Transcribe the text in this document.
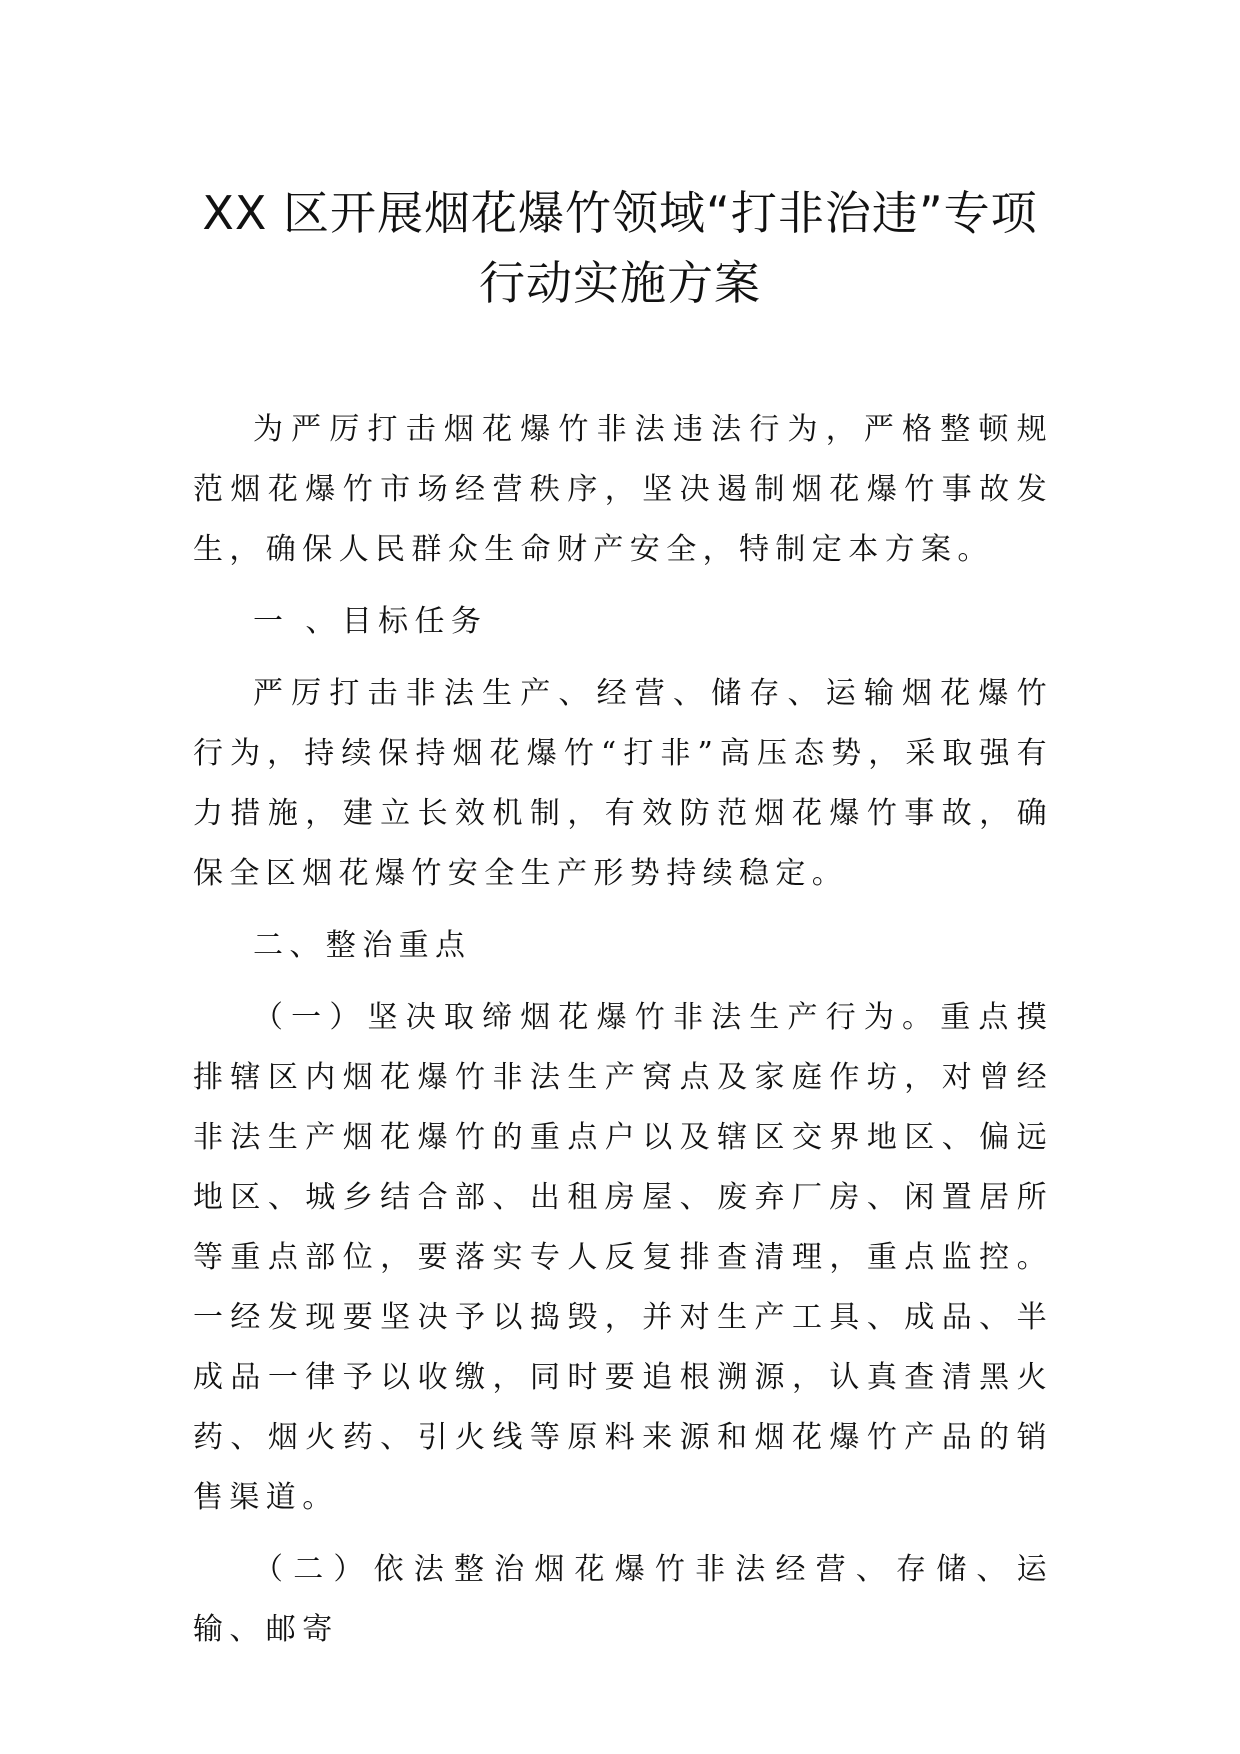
XX 区开展烟花爆竹领域“打非治违”专项
行动实施方案

为严厉打击烟花爆竹非法违法行为，严格整顿规范烟花爆竹市场经营秩序，坚决遏制烟花爆竹事故发生，确保人民群众生命财产安全，特制定本方案。

一 、目标任务

严厉打击非法生产、经营、储存、运输烟花爆竹行为，持续保持烟花爆竹“打非”高压态势，采取强有力措施，建立长效机制，有效防范烟花爆竹事故，确保全区烟花爆竹安全生产形势持续稳定。

二、整治重点

（一）坚决取缔烟花爆竹非法生产行为。重点摸排辖区内烟花爆竹非法生产窝点及家庭作坊，对曾经非法生产烟花爆竹的重点户以及辖区交界地区、偏远地区、城乡结合部、出租房屋、废弃厂房、闲置居所等重点部位，要落实专人反复排查清理，重点监控。 一经发现要坚决予以捣毁，并对生产工具、成品、半成品一律予以收缴，同时要追根溯源，认真查清黑火药、烟火药、引火线等原料来源和烟花爆竹产品的销售渠道。

（二）依法整治烟花爆竹非法经营、存储、运输、邮寄
